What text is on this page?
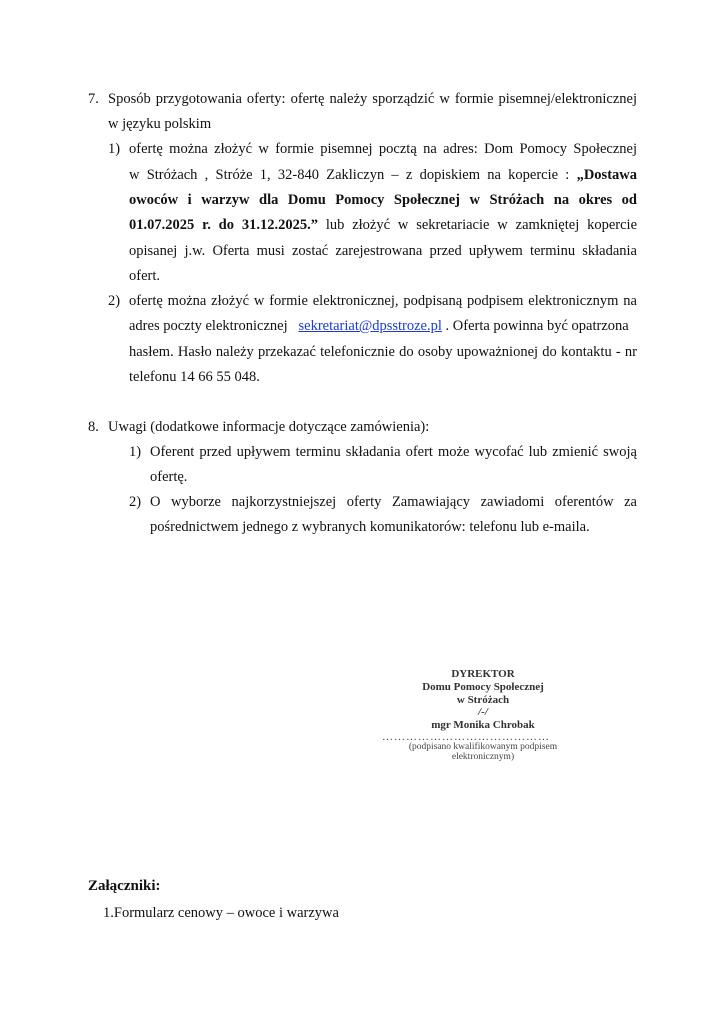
7. Sposób przygotowania oferty: ofertę należy sporządzić w formie pisemnej/elektronicznej
w języku polskim
1) ofertę można złożyć w formie pisemnej pocztą na adres: Dom Pomocy Społecznej
w Stróżach , Stróże 1, 32-840 Zakliczyn – z dopiskiem na kopercie : „Dostawa
owoców i warzyw dla Domu Pomocy Społecznej w Stróżach na okres od
01.07.2025 r. do 31.12.2025.” lub złożyć w sekretariacie w zamkniętej kopercie
opisanej j.w. Oferta musi zostać zarejestrowana przed upływem terminu składania
ofert.
2) ofertę można złożyć w formie elektronicznej, podpisaną podpisem elektronicznym na
adres poczty elektronicznej sekretariat@dpsstroze.pl . Oferta powinna być opatrzona
hasłem. Hasło należy przekazać telefonicznie do osoby upoważnionej do kontaktu - nr
telefonu 14 66 55 048.
8. Uwagi (dodatkowe informacje dotyczące zamówienia):
1) Oferent przed upływem terminu składania ofert może wycofać lub zmienić swoją
ofertę.
2) O wyborze najkorzystniejszej oferty Zamawiający zawiadomi oferentów za
pośrednictwem jednego z wybranych komunikatorów: telefonu lub e-maila.
DYREKTOR
Domu Pomocy Społecznej
w Stróżach
/-/
mgr Monika Chrobak
……………………………………
(podpisano kwalifikowanym podpisem elektronicznym)
Załączniki:
1.Formularz cenowy – owoce i warzywa
